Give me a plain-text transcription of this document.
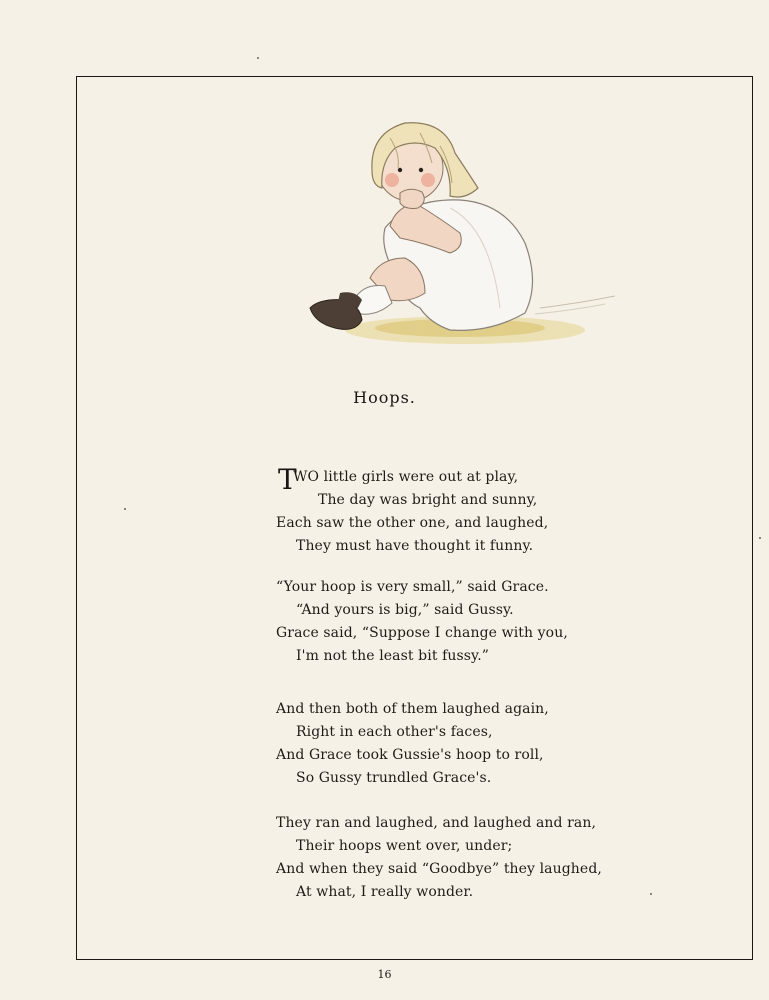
Hoops.
T
WO little girls were out at play,
The day was bright and sunny,
Each saw the other one, and laughed,
They must have thought it funny.
“Your hoop is very small,” said Grace.
“And yours is big,” said Gussy.
Grace said, “Suppose I change with you,
I'm not the least bit fussy.”
And then both of them laughed again,
Right in each other's faces,
And Grace took Gussie's hoop to roll,
So Gussy trundled Grace's.
They ran and laughed, and laughed and ran,
Their hoops went over, under;
And when they said “Goodbye” they laughed,
At what, I really wonder.
16
